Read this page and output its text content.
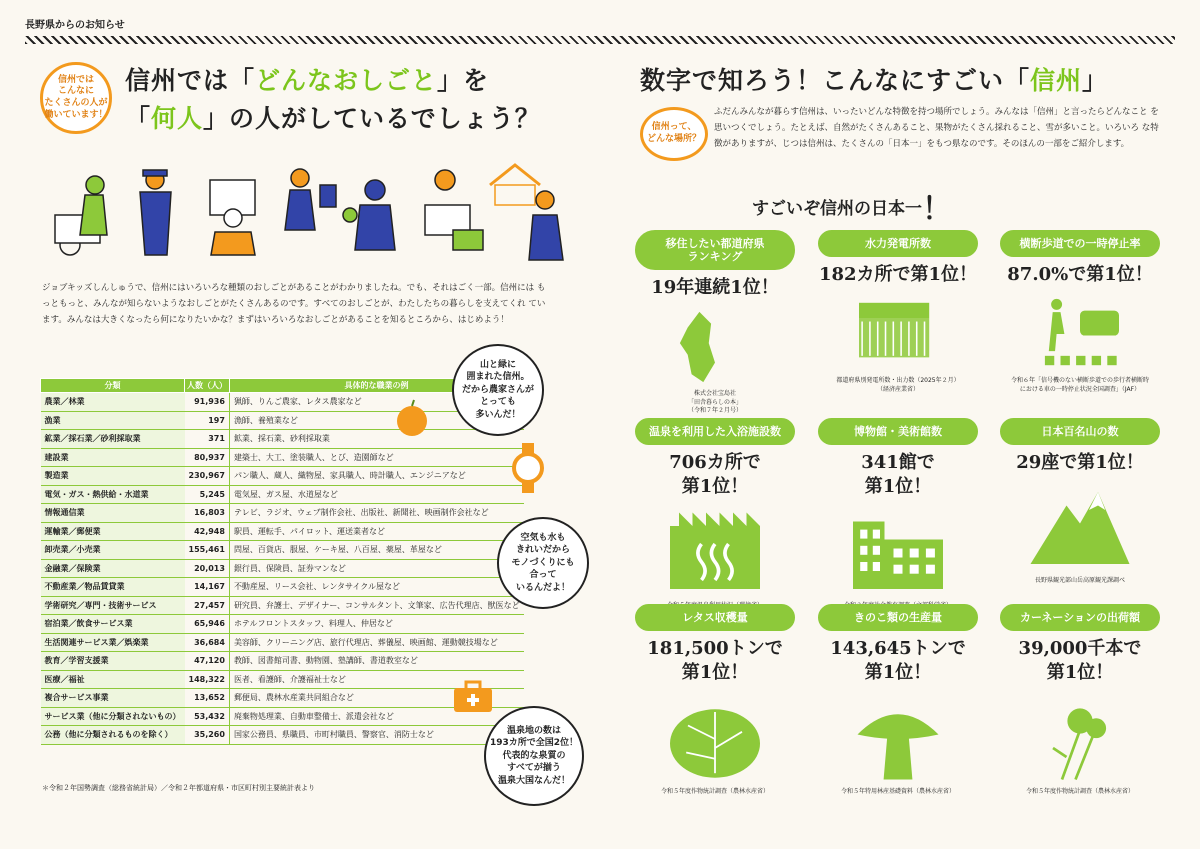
長野県からのお知らせ
信州では
こんなに
たくさんの人が
働いています！
信州では「どんなおしごと」を
「何人」の人がしているでしょう？
ジョブキッズしんしゅうで、信州にはいろいろな種類のおしごとがあることがわかりましたね。でも、それはごく一部。信州には もっともっと、みんなが知らないようなおしごとがたくさんあるのです。すべてのおしごとが、わたしたちの暮らしを支えてくれ ています。みんなは大きくなったら何になりたいかな？まずはいろいろなおしごとがあることを知るところから、はじめよう！
分類	人数（人）	具体的な職業の例
農業／林業	91,936	猟師、りんご農家、レタス農家など
漁業	197	漁師、養殖業など
鉱業／採石業／砂利採取業	371	鉱業、採石業、砂利採取業
建設業	80,937	建築士、大工、塗装職人、とび、造園師など
製造業	230,967	パン職人、蔵人、織物屋、家具職人、時計職人、エンジニアなど
電気・ガス・熱供給・水道業	5,245	電気屋、ガス屋、水道屋など
情報通信業	16,803	テレビ、ラジオ、ウェブ制作会社、出版社、新聞社、映画制作会社など
運輸業／郵便業	42,948	駅員、運転手、パイロット、運送業者など
卸売業／小売業	155,461	問屋、百貨店、服屋、ケーキ屋、八百屋、薬屋、革屋など
金融業／保険業	20,013	銀行員、保険員、証券マンなど
不動産業／物品賃貸業	14,167	不動産屋、リース会社、レンタサイクル屋など
学術研究／専門・技術サービス	27,457	研究員、弁護士、デザイナー、コンサルタント、文筆家、広告代理店、獣医など
宿泊業／飲食サービス業	65,946	ホテルフロントスタッフ、料理人、仲居など
生活関連サービス業／娯楽業	36,684	美容師、クリーニング店、旅行代理店、葬儀屋、映画館、運動競技場など
教育／学習支援業	47,120	教師、図書館司書、動物園、塾講師、書道教室など
医療／福祉	148,322	医者、看護師、介護福祉士など
複合サービス事業	13,652	郵便局、農林水産業共同組合など
サービス業（他に分類されないもの）	53,432	廃棄物処理業、自動車整備士、派遣会社など
公務（他に分類されるものを除く）	35,260	国家公務員、県職員、市町村職員、警察官、消防士など
＊令和２年国勢調査（総務省統計局）／令和２年都道府県・市区町村別主要統計表より
山と緑に
囲まれた信州。
だから農家さんが
とっても
多いんだ！
空気も水も
きれいだから
モノづくりにも
合って
いるんだよ！
温泉地の数は
193カ所で全国2位！
代表的な泉質の
すべてが揃う
温泉大国なんだ！
数字で知ろう！こんなにすごい「信州」
信州って、
どんな場所？
ふだんみんなが暮らす信州は、いったいどんな特徴を持つ場所でしょう。みんなは「信州」と言ったらどんなこと を思いつくでしょう。たとえば、自然がたくさんあること、果物がたくさん採れること、雪が多いこと。いろいろ な特徴がありますが、じつは信州は、たくさんの「日本一」をもつ県なのです。そのほんの一部をご紹介します。
すごいぞ信州の日本一！
移住したい都道府県
ランキング
19年連続1位！
株式会社宝島社
「田舎暮らしの本」
（令和７年２月号）
水力発電所数
182カ所で第1位！
都道府県別発電所数・出力数（2025年２月）
（経済産業省）
横断歩道での一時停止率
87.0%で第1位！
令和６年「信号機のない横断歩道での歩行者横断時
における車の一時停止状況全国調査」（JAF）
温泉を利用した入浴施設数
706カ所で
第1位！
博物館・美術館数
341館で
第1位！
日本百名山の数
29座で第1位！
長野県観光部山岳高原観光課調べ
レタス収穫量
181,500トンで
第1位！
令和５年度作物統計調査（農林水産省）
きのこ類の生産量
143,645トンで
第1位！
令和５年特用林産基礎資料（農林水産省）
カーネーションの出荷額
39,000千本で
第1位！
令和５年度作物統計調査（農林水産省）
